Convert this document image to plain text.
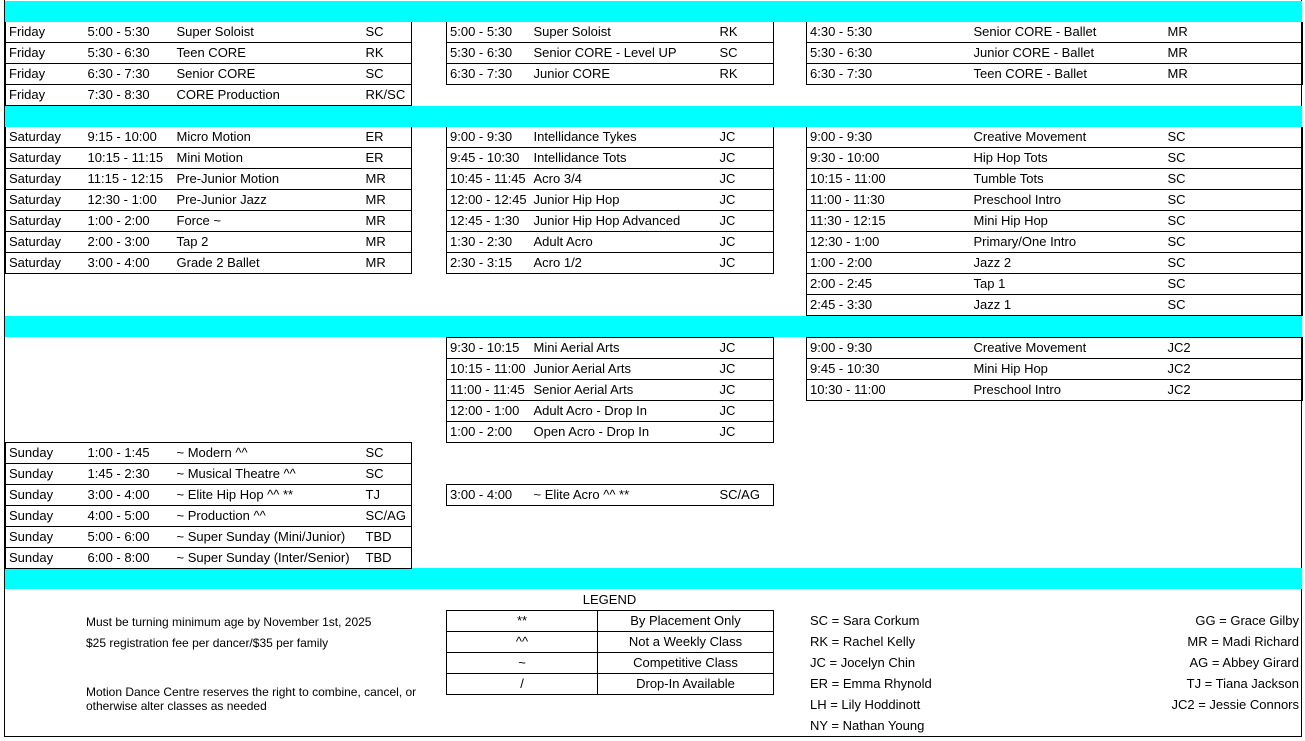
Friday	5:00 - 5:30	Super Soloist	SC
Friday	5:30 - 6:30	Teen CORE	RK
Friday	6:30 - 7:30	Senior CORE	SC
Friday	7:30 - 8:30	CORE Production	RK/SC
5:00 - 5:30	Super Soloist	RK
5:30 - 6:30	Senior CORE - Level UP	SC
6:30 - 7:30	Junior CORE	RK
4:30 - 5:30	Senior CORE - Ballet	MR
5:30 - 6:30	Junior CORE - Ballet	MR
6:30 - 7:30	Teen CORE - Ballet	MR
Saturday	9:15 - 10:00	Micro Motion	ER
Saturday	10:15 - 11:15	Mini Motion	ER
Saturday	11:15 - 12:15	Pre-Junior Motion	MR
Saturday	12:30 - 1:00	Pre-Junior Jazz	MR
Saturday	1:00 - 2:00	Force ~	MR
Saturday	2:00 - 3:00	Tap 2	MR
Saturday	3:00 - 4:00	Grade 2 Ballet	MR
9:00 - 9:30	Intellidance Tykes	JC
9:45 - 10:30	Intellidance Tots	JC
10:45 - 11:45	Acro 3/4	JC
12:00 - 12:45	Junior Hip Hop	JC
12:45 - 1:30	Junior Hip Hop Advanced	JC
1:30 - 2:30	Adult Acro	JC
2:30 - 3:15	Acro 1/2	JC
9:00 - 9:30	Creative Movement	SC
9:30 - 10:00	Hip Hop Tots	SC
10:15 - 11:00	Tumble Tots	SC
11:00 - 11:30	Preschool Intro	SC
11:30 - 12:15	Mini Hip Hop	SC
12:30 - 1:00	Primary/One Intro	SC
1:00 - 2:00	Jazz 2	SC
2:00 - 2:45	Tap 1	SC
2:45 - 3:30	Jazz 1	SC
9:30 - 10:15	Mini Aerial Arts	JC
10:15 - 11:00	Junior Aerial Arts	JC
11:00 - 11:45	Senior Aerial Arts	JC
12:00 - 1:00	Adult Acro - Drop In	JC
1:00 - 2:00	Open Acro - Drop In	JC
9:00 - 9:30	Creative Movement	JC2
9:45 - 10:30	Mini Hip Hop	JC2
10:30 - 11:00	Preschool Intro	JC2
Sunday	1:00 - 1:45	~ Modern ^^	SC
Sunday	1:45 - 2:30	~ Musical Theatre ^^	SC
Sunday	3:00 - 4:00	~ Elite Hip Hop ^^ **	TJ
Sunday	4:00 - 5:00	~ Production ^^	SC/AG
Sunday	5:00 - 6:00	~ Super Sunday (Mini/Junior)	TBD
Sunday	6:00 - 8:00	~ Super Sunday (Inter/Senior)	TBD
3:00 - 4:00	~ Elite Acro ^^ **	SC/AG
Must be turning minimum age by November 1st, 2025
$25 registration fee per dancer/$35 per family
Motion Dance Centre reserves the right to combine, cancel, or
otherwise alter classes as needed
LEGEND
**	By Placement Only
^^	Not a Weekly Class
~	Competitive Class
/	Drop-In Available
SC = Sara Corkum
RK = Rachel Kelly
JC = Jocelyn Chin
ER = Emma Rhynold
LH = Lily Hoddinott
NY = Nathan Young
GG = Grace Gilby
MR = Madi Richard
AG = Abbey Girard
TJ = Tiana Jackson
JC2 = Jessie Connors
